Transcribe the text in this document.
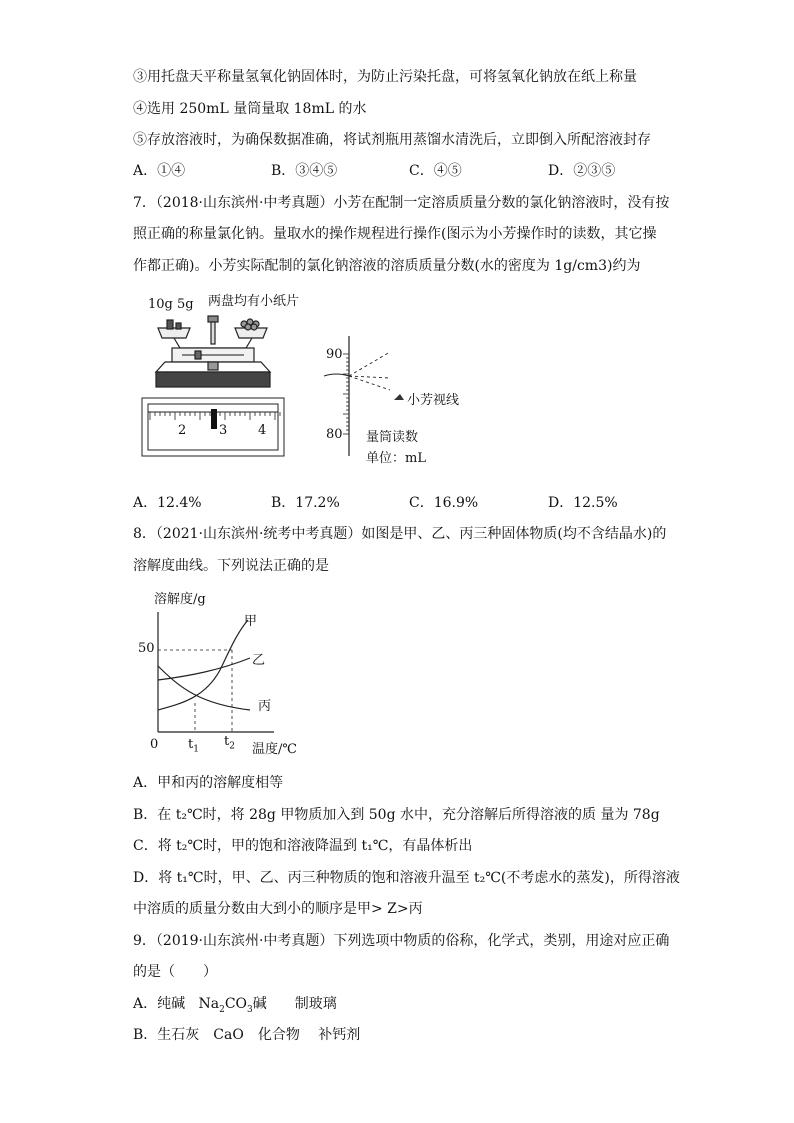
③用托盘天平称量氢氧化钠固体时，为防止污染托盘，可将氢氧化钠放在纸上称量
④选用 250mL 量筒量取 18mL 的水
⑤存放溶液时，为确保数据准确，将试剂瓶用蒸馏水清洗后，立即倒入所配溶液封存
A．①④	B．③④⑤	C．④⑤	D．②③⑤
7．（2018·山东滨州·中考真题）小芳在配制一定溶质质量分数的氯化钠溶液时，没有按
照正确的称量氯化钠。量取水的操作规程进行操作(图示为小芳操作时的读数，其它操
作都正确)。小芳实际配制的氯化钠溶液的溶质质量分数(水的密度为 1g/cm3)约为
10g 5g 两盘均有小纸片
2	3 4
90
80
小芳视线
量筒读数
单位：mL
A．12.4%	B．17.2%	C．16.9%	D．12.5%
8．（2021·山东滨州·统考中考真题）如图是甲、乙、丙三种固体物质(均不含结晶水)的
溶解度曲线。下列说法正确的是
溶解度/g
50
0 $t_1$
$t_2$ 温度/℃
甲
乙
丙
A．甲和丙的溶解度相等
B．在 t₂℃时，将 28g 甲物质加入到 50g 水中，充分溶解后所得溶液的质 量为 78g
C．将 t₂℃时，甲的饱和溶液降温到 t₁℃，有晶体析出
D．将 t₁℃时，甲、乙、丙三种物质的饱和溶液升温至 t₂℃(不考虑水的蒸发)，所得溶液
中溶质的质量分数由大到小的顺序是甲> Z>丙
9．（2019·山东滨州·中考真题）下列选项中物质的俗称，化学式，类别，用途对应正确
的是（　　）
A．纯碱 $Na_2CO_3$碱　　制玻璃
B．生石灰　CaO　化合物　 补钙剂
